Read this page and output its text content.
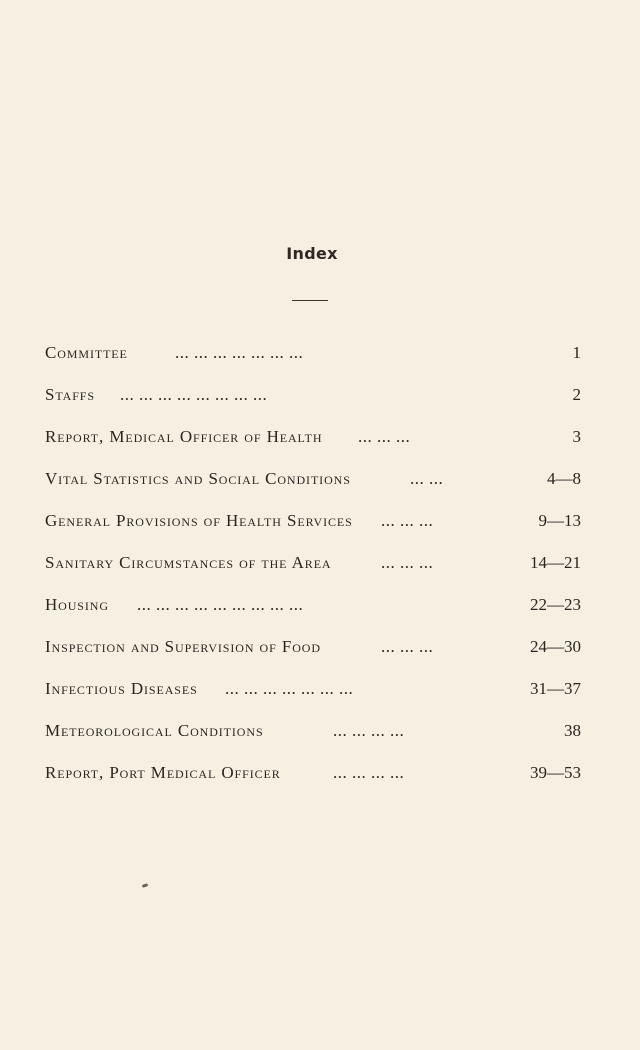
Index
Committee	... ... ... ... ... ... ...	1
Staffs ... ... ... ... ... ... ... ...	2
Report, Medical Officer of Health ... ... ...	3
Vital Statistics and Social Conditions	... ...	4—8
General Provisions of Health Services ... ... ...	9—13
Sanitary Circumstances of the Area	... ... ...	14—21
Housing ... ... ... ... ... ... ... ... ...	22—23
Inspection and Supervision of Food	... ... ...	24—30
Infectious Diseases ... ... ... ... ... ... ...	31—37
Meteorological Conditions	... ... ... ...	38
Report, Port Medical Officer	... ... ... ...	39—53
